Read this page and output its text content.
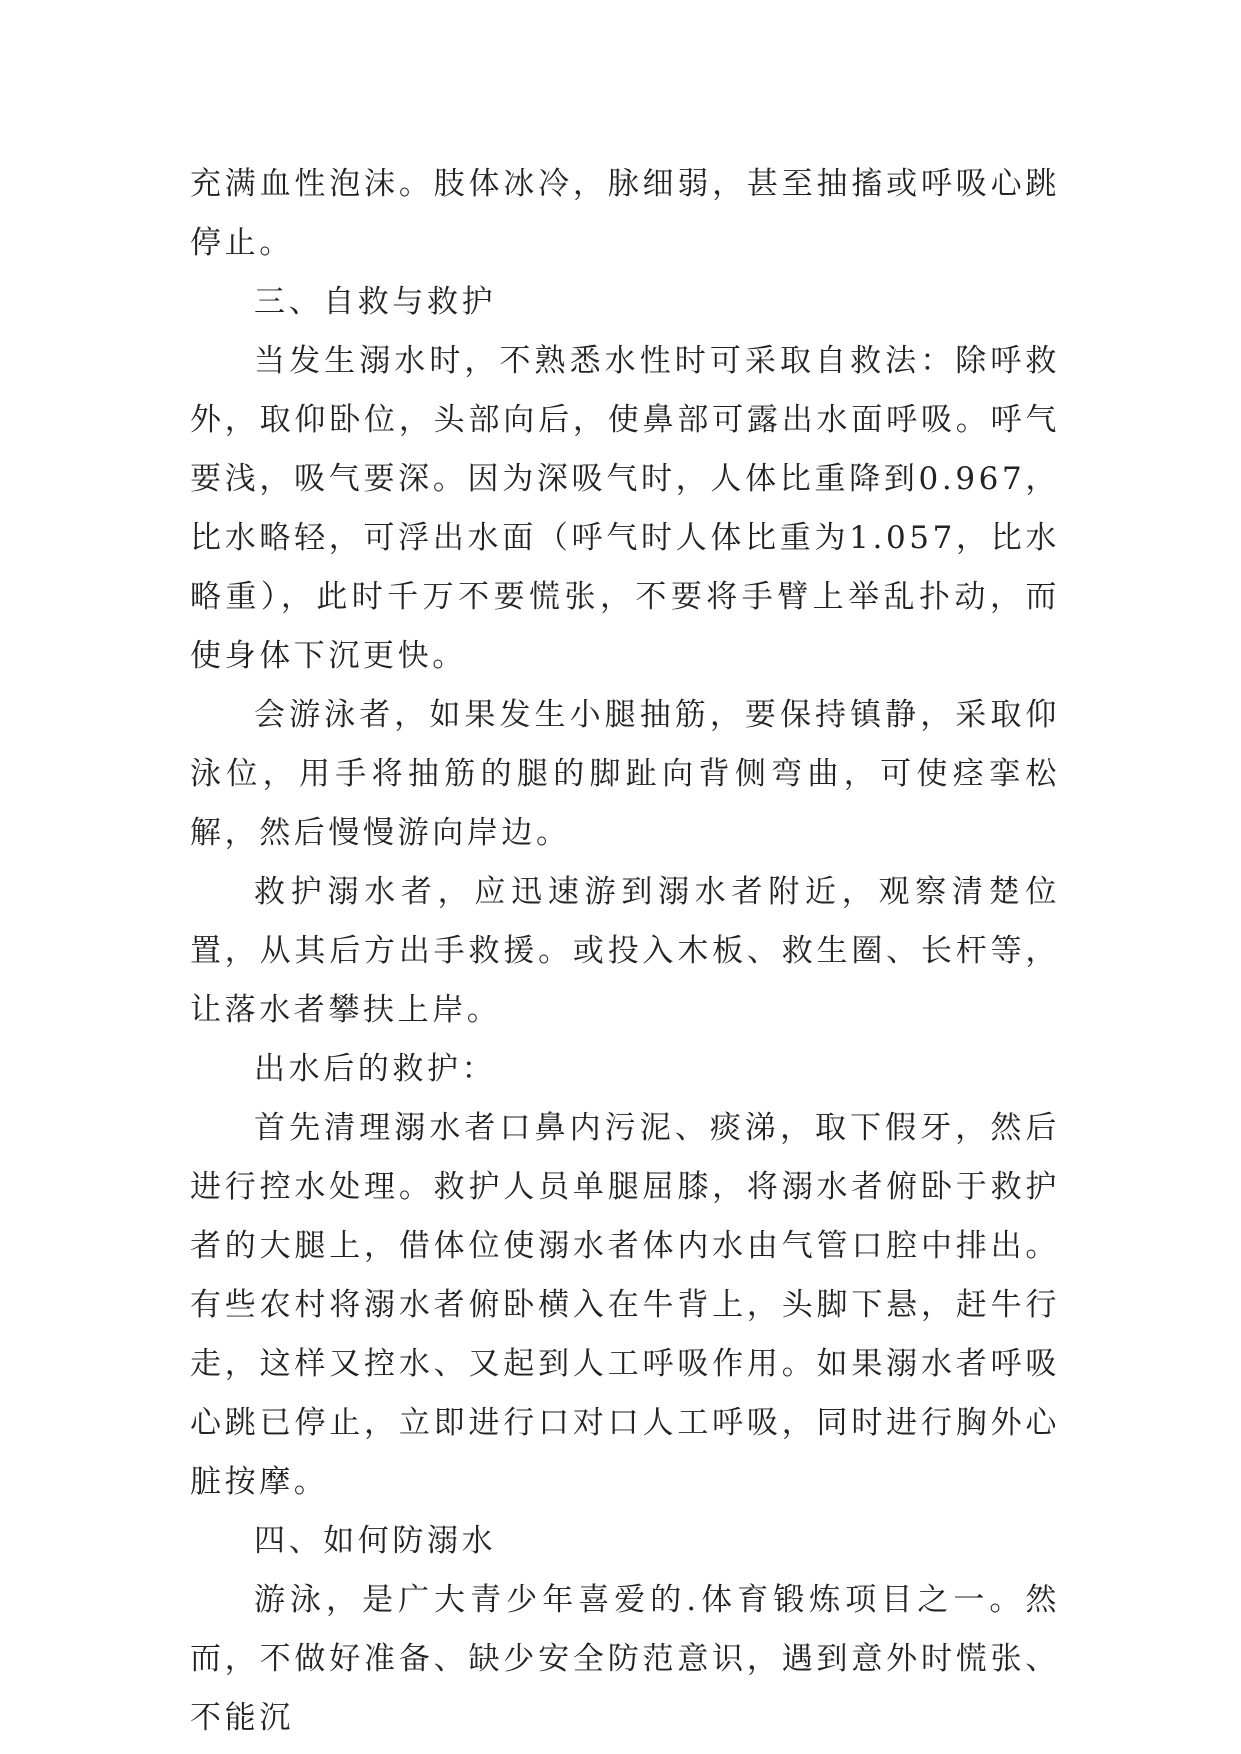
充满血性泡沫。肢体冰冷，脉细弱，甚至抽搐或呼吸心跳停止。

三、自救与救护

当发生溺水时，不熟悉水性时可采取自救法：除呼救外，取仰卧位，头部向后，使鼻部可露出水面呼吸。呼气要浅，吸气要深。因为深吸气时，人体比重降到0.967，比水略轻，可浮出水面（呼气时人体比重为1.057，比水略重），此时千万不要慌张，不要将手臂上举乱扑动，而使身体下沉更快。

会游泳者，如果发生小腿抽筋，要保持镇静，采取仰泳位，用手将抽筋的腿的脚趾向背侧弯曲，可使痉挛松解，然后慢慢游向岸边。

救护溺水者，应迅速游到溺水者附近，观察清楚位置，从其后方出手救援。或投入木板、救生圈、长杆等，让落水者攀扶上岸。

出水后的救护：

首先清理溺水者口鼻内污泥、痰涕，取下假牙，然后进行控水处理。救护人员单腿屈膝，将溺水者俯卧于救护者的大腿上，借体位使溺水者体内水由气管口腔中排出。有些农村将溺水者俯卧横入在牛背上，头脚下悬，赶牛行走，这样又控水、又起到人工呼吸作用。如果溺水者呼吸心跳已停止，立即进行口对口人工呼吸，同时进行胸外心脏按摩。

四、如何防溺水

游泳，是广大青少年喜爱的.体育锻炼项目之一。然而，不做好准备、缺少安全防范意识，遇到意外时慌张、不能沉
